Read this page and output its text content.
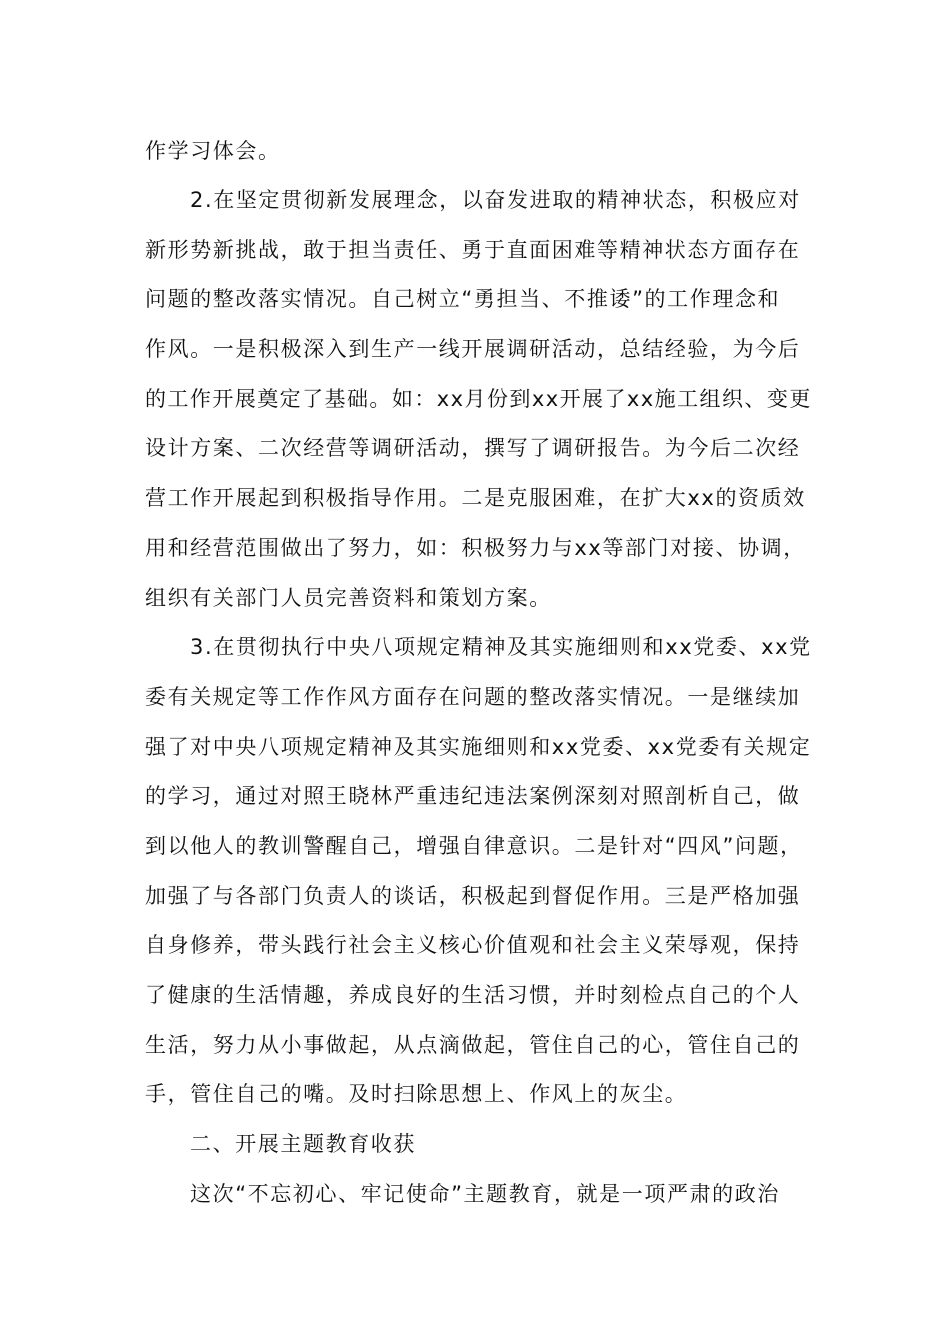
作学习体会。
2.在坚定贯彻新发展理念，以奋发进取的精神状态，积极应对
新形势新挑战，敢于担当责任、勇于直面困难等精神状态方面存在
问题的整改落实情况。自己树立“勇担当、不推诿”的工作理念和
作风。一是积极深入到生产一线开展调研活动，总结经验，为今后
的工作开展奠定了基础。如：xx月份到xx开展了xx施工组织、变更
设计方案、二次经营等调研活动，撰写了调研报告。为今后二次经
营工作开展起到积极指导作用。二是克服困难，在扩大xx的资质效
用和经营范围做出了努力，如：积极努力与xx等部门对接、协调，
组织有关部门人员完善资料和策划方案。
3.在贯彻执行中央八项规定精神及其实施细则和xx党委、xx党
委有关规定等工作作风方面存在问题的整改落实情况。一是继续加
强了对中央八项规定精神及其实施细则和xx党委、xx党委有关规定
的学习，通过对照王晓林严重违纪违法案例深刻对照剖析自己，做
到以他人的教训警醒自己，增强自律意识。二是针对“四风”问题，
加强了与各部门负责人的谈话，积极起到督促作用。三是严格加强
自身修养，带头践行社会主义核心价值观和社会主义荣辱观，保持
了健康的生活情趣，养成良好的生活习惯，并时刻检点自己的个人
生活，努力从小事做起，从点滴做起，管住自己的心，管住自己的
手，管住自己的嘴。及时扫除思想上、作风上的灰尘。
二、开展主题教育收获
这次“不忘初心、牢记使命”主题教育，就是一项严肃的政治
